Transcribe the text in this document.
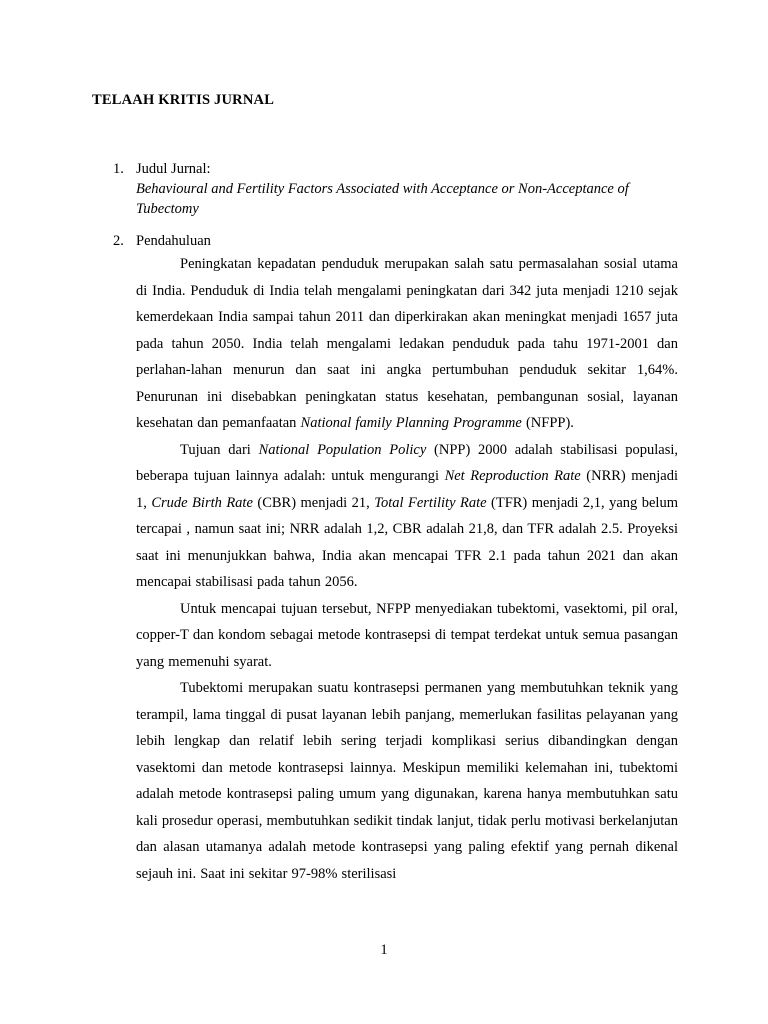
TELAAH KRITIS JURNAL
1. Judul Jurnal:
Behavioural and Fertility Factors Associated with Acceptance or Non-Acceptance of Tubectomy
2. Pendahuluan

Peningkatan kepadatan penduduk merupakan salah satu permasalahan sosial utama di India. Penduduk di India telah mengalami peningkatan dari 342 juta menjadi 1210 sejak kemerdekaan India sampai tahun 2011 dan diperkirakan akan meningkat menjadi 1657 juta pada tahun 2050. India telah mengalami ledakan penduduk pada tahu 1971-2001 dan perlahan-lahan menurun dan saat ini angka pertumbuhan penduduk sekitar 1,64%. Penurunan ini disebabkan peningkatan status kesehatan, pembangunan sosial, layanan kesehatan dan pemanfaatan National family Planning Programme (NFPP).

Tujuan dari National Population Policy (NPP) 2000 adalah stabilisasi populasi, beberapa tujuan lainnya adalah: untuk mengurangi Net Reproduction Rate (NRR) menjadi 1, Crude Birth Rate (CBR) menjadi 21, Total Fertility Rate (TFR) menjadi 2,1, yang belum tercapai , namun saat ini; NRR adalah 1,2, CBR adalah 21,8, dan TFR adalah 2.5. Proyeksi saat ini menunjukkan bahwa, India akan mencapai TFR 2.1 pada tahun 2021 dan akan mencapai stabilisasi pada tahun 2056.

Untuk mencapai tujuan tersebut, NFPP menyediakan tubektomi, vasektomi, pil oral, copper-T dan kondom sebagai metode kontrasepsi di tempat terdekat untuk semua pasangan yang memenuhi syarat.

Tubektomi merupakan suatu kontrasepsi permanen yang membutuhkan teknik yang terampil, lama tinggal di pusat layanan lebih panjang, memerlukan fasilitas pelayanan yang lebih lengkap dan relatif lebih sering terjadi komplikasi serius dibandingkan dengan vasektomi dan metode kontrasepsi lainnya. Meskipun memiliki kelemahan ini, tubektomi adalah metode kontrasepsi paling umum yang digunakan, karena hanya membutuhkan satu kali prosedur operasi, membutuhkan sedikit tindak lanjut, tidak perlu motivasi berkelanjutan dan alasan utamanya adalah metode kontrasepsi yang paling efektif yang pernah dikenal sejauh ini. Saat ini sekitar 97-98% sterilisasi

1
